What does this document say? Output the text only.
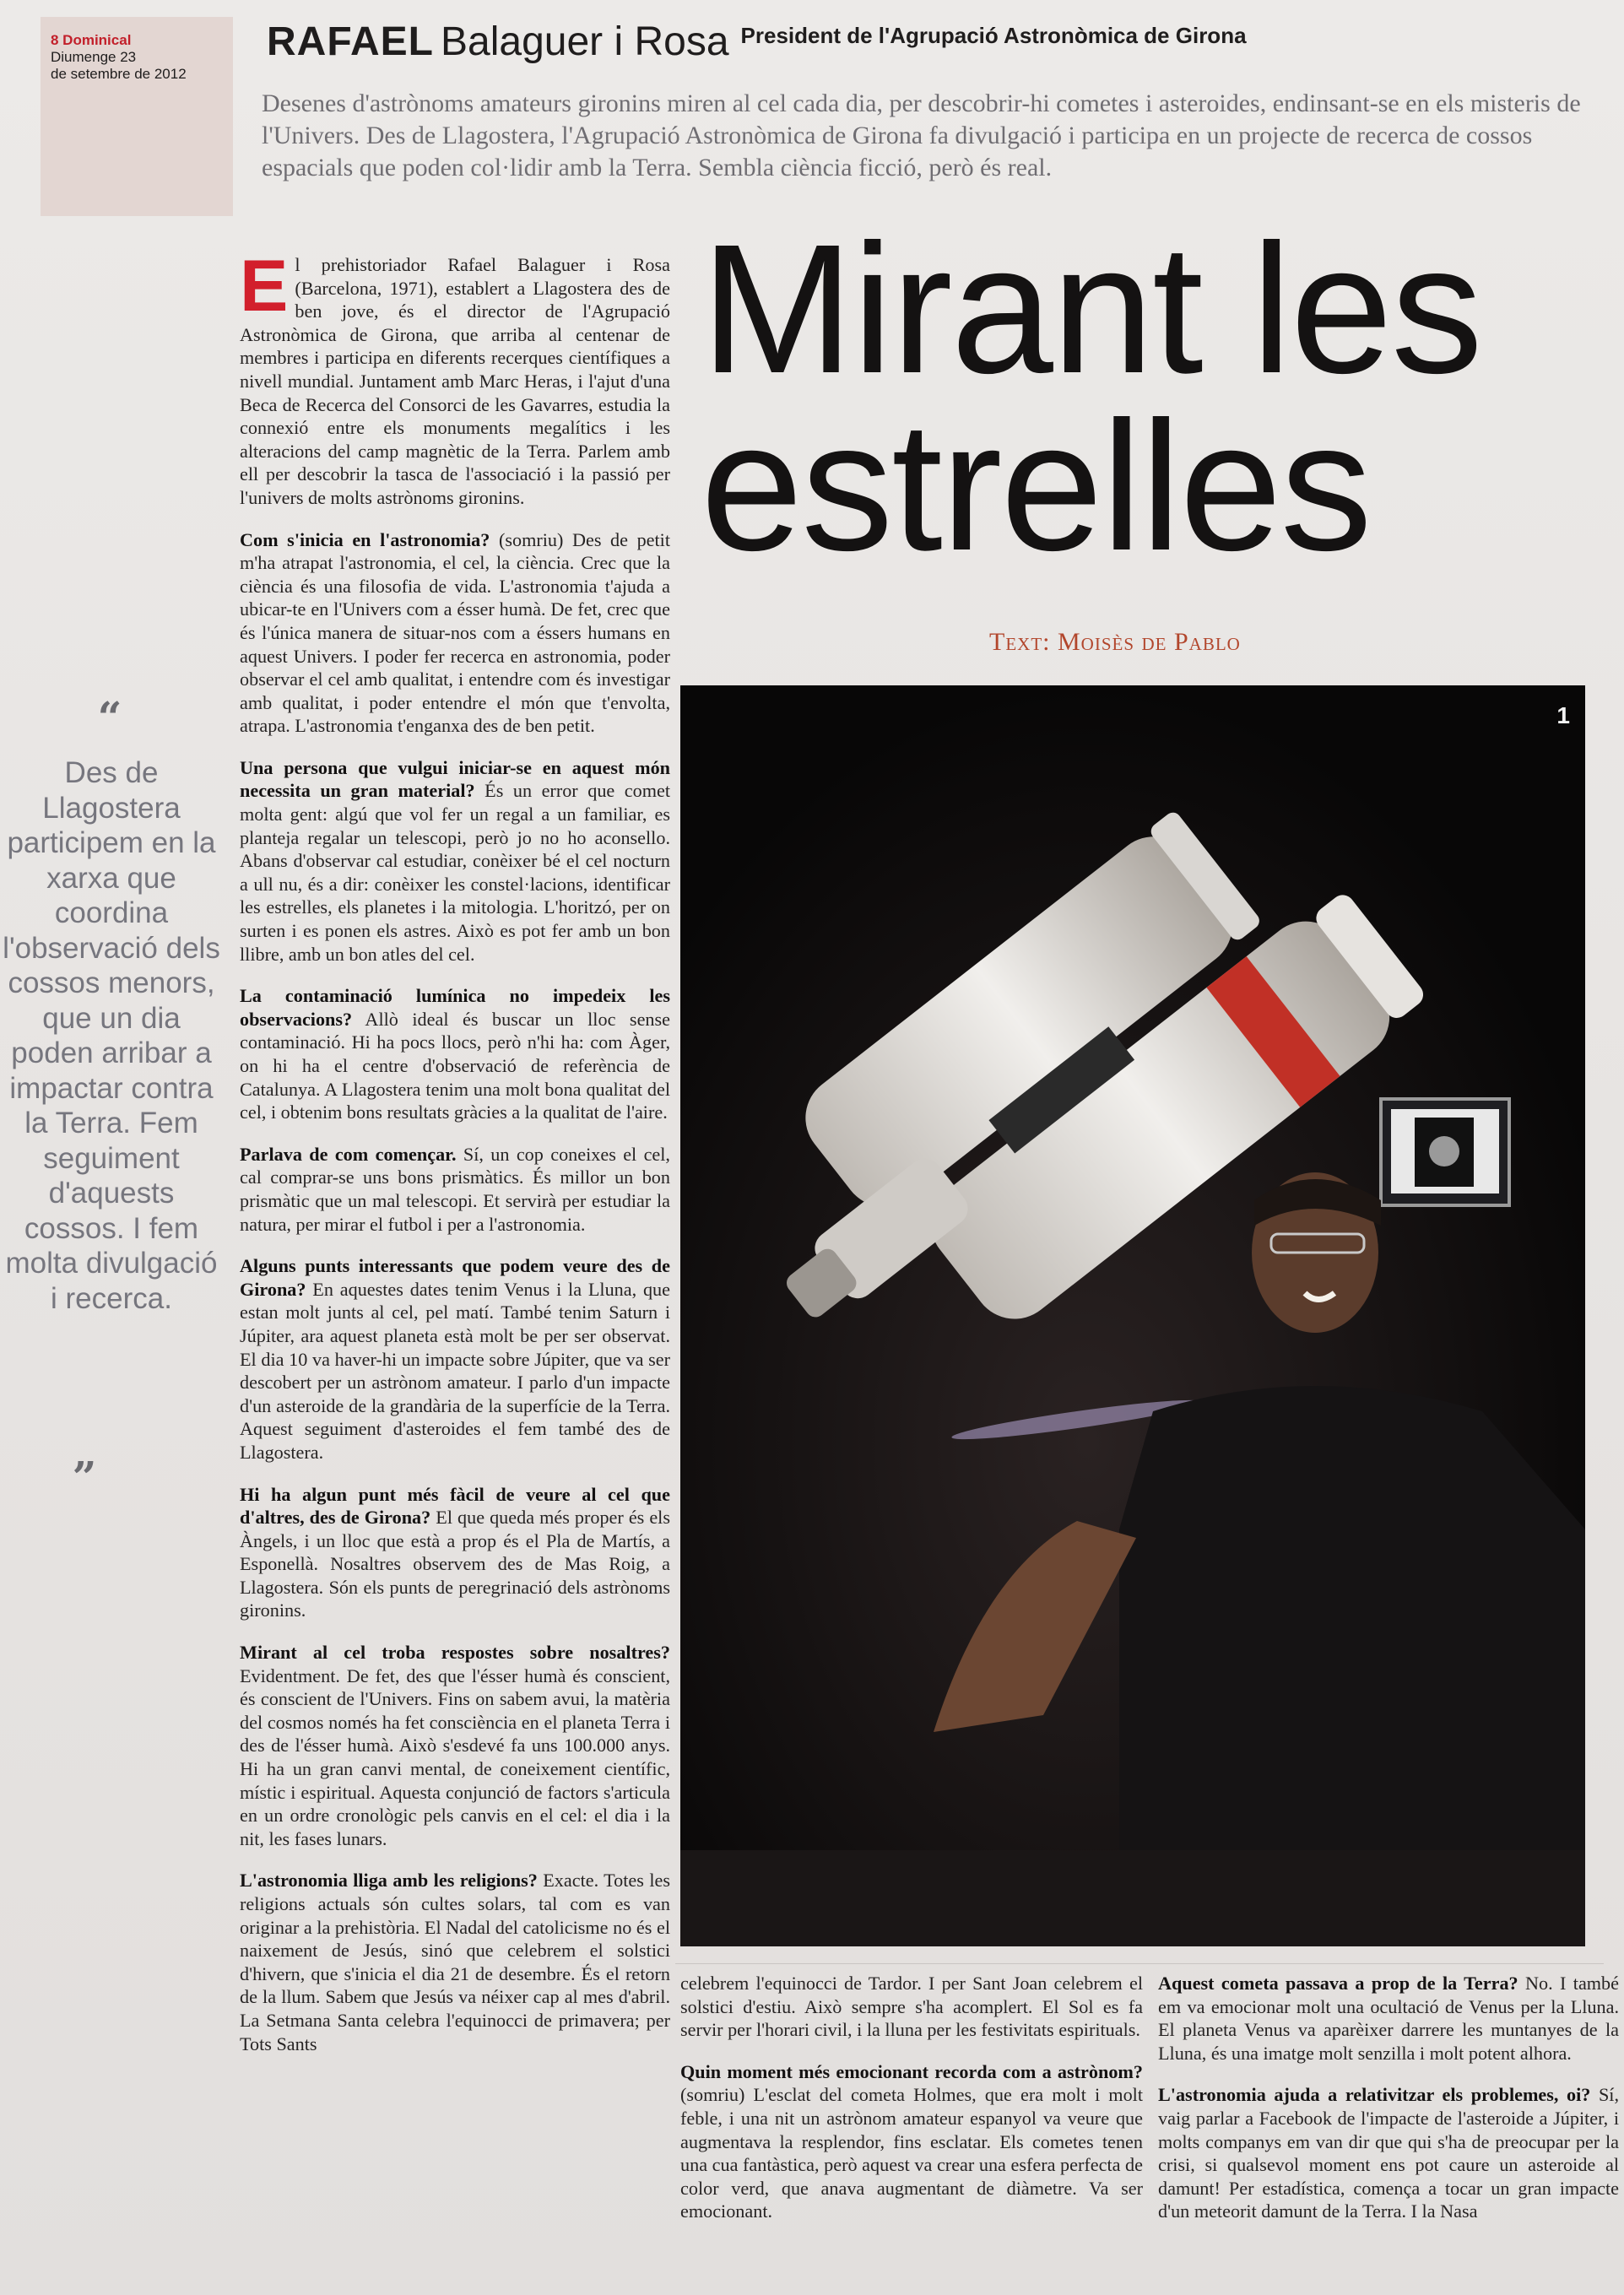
8 Dominical
Diumenge 23
de setembre de 2012
RAFAEL Balaguer i Rosa President de l'Agrupació Astronòmica de Girona
Desenes d'astrònoms amateurs gironins miren al cel cada dia, per descobrir-hi cometes i asteroides, endinsant-se en els misteris de l'Univers. Des de Llagostera, l'Agrupació Astronòmica de Girona fa divulgació i participa en un projecte de recerca de cossos espacials que poden col·lidir amb la Terra. Sembla ciència ficció, però és real.
Mirant les
estrelles
Text: Moisès de Pablo
“
Des de Llagostera participem en la xarxa que coordina l'observació dels cossos menors, que un dia poden arribar a impactar contra la Terra. Fem seguiment d'aquests cossos. I fem molta divulgació i recerca.
”

El prehistoriador Rafael Balaguer i Rosa (Barcelona, 1971), establert a Llagostera des de ben jove, és el director de l'Agrupació Astronòmica de Girona, que arriba al centenar de membres i participa en diferents recerques científiques a nivell mundial. Juntament amb Marc Heras, i l'ajut d'una Beca de Recerca del Consorci de les Gavarres, estudia la connexió entre els monuments megalítics i les alteracions del camp magnètic de la Terra. Parlem amb ell per descobrir la tasca de l'associació i la passió per l'univers de molts astrònoms gironins.

Com s'inicia en l'astronomia? (somriu) Des de petit m'ha atrapat l'astronomia, el cel, la ciència. Crec que la ciència és una filosofia de vida. L'astronomia t'ajuda a ubicar-te en l'Univers com a ésser humà. De fet, crec que és l'única manera de situar-nos com a éssers humans en aquest Univers. I poder fer recerca en astronomia, poder observar el cel amb qualitat, i entendre com és investigar amb qualitat, i poder entendre el món que t'envolta, atrapa. L'astronomia t'enganxa des de ben petit.

Una persona que vulgui iniciar-se en aquest món necessita un gran material? És un error que comet molta gent: algú que vol fer un regal a un familiar, es planteja regalar un telescopi, però jo no ho aconsello. Abans d'observar cal estudiar, conèixer bé el cel nocturn a ull nu, és a dir: conèixer les constel·lacions, identificar les estrelles, els planetes i la mitologia. L'horitzó, per on surten i es ponen els astres. Això es pot fer amb un bon llibre, amb un bon atles del cel.

La contaminació lumínica no impedeix les observacions? Allò ideal és buscar un lloc sense contaminació. Hi ha pocs llocs, però n'hi ha: com Àger, on hi ha el centre d'observació de referència de Catalunya. A Llagostera tenim una molt bona qualitat del cel, i obtenim bons resultats gràcies a la qualitat de l'aire.

Parlava de com començar. Sí, un cop coneixes el cel, cal comprar-se uns bons prismàtics. És millor un bon prismàtic que un mal telescopi. Et servirà per estudiar la natura, per mirar el futbol i per a l'astronomia.

Alguns punts interessants que podem veure des de Girona? En aquestes dates tenim Venus i la Lluna, que estan molt junts al cel, pel matí. També tenim Saturn i Júpiter, ara aquest planeta està molt be per ser observat. El dia 10 va haver-hi un impacte sobre Júpiter, que va ser descobert per un astrònom amateur. I parlo d'un impacte d'un asteroide de la grandària de la superfície de la Terra. Aquest seguiment d'asteroides el fem també des de Llagostera.

Hi ha algun punt més fàcil de veure al cel que d'altres, des de Girona? El que queda més proper és els Àngels, i un lloc que està a prop és el Pla de Martís, a Esponellà. Nosaltres observem des de Mas Roig, a Llagostera. Són els punts de peregrinació dels astrònoms gironins.

Mirant al cel troba respostes sobre nosaltres? Evidentment. De fet, des que l'ésser humà és conscient, és conscient de l'Univers. Fins on sabem avui, la matèria del cosmos només ha fet consciència en el planeta Terra i des de l'ésser humà. Això s'esdevé fa uns 100.000 anys. Hi ha un gran canvi mental, de coneixement científic, místic i espiritual. Aquesta conjunció de factors s'articula en un ordre cronològic pels canvis en el cel: el dia i la nit, les fases lunars.

L'astronomia lliga amb les religions? Exacte. Totes les religions actuals són cultes solars, tal com es van originar a la prehistòria. El Nadal del catolicisme no és el naixement de Jesús, sinó que celebrem el solstici d'hivern, que s'inicia el dia 21 de desembre. És el retorn de la llum. Sabem que Jesús va néixer cap al mes d'abril. La Setmana Santa celebra l'equinocci de primavera; per Tots Sants

1

celebrem l'equinocci de Tardor. I per Sant Joan celebrem el solstici d'estiu. Això sempre s'ha acomplert. El Sol es fa servir per l'horari civil, i la lluna per les festivitats espirituals.

Quin moment més emocionant recorda com a astrònom? (somriu) L'esclat del cometa Holmes, que era molt i molt feble, i una nit un astrònom amateur espanyol va veure que augmentava la resplendor, fins esclatar. Els cometes tenen una cua fantàstica, però aquest va crear una esfera perfecta de color verd, que anava augmentant de diàmetre. Va ser emocionant.

Aquest cometa passava a prop de la Terra? No. I també em va emocionar molt una ocultació de Venus per la Lluna. El planeta Venus va aparèixer darrere les muntanyes de la Lluna, és una imatge molt senzilla i molt potent alhora.

L'astronomia ajuda a relativitzar els problemes, oi? Sí, vaig parlar a Facebook de l'impacte de l'asteroide a Júpiter, i molts companys em van dir que qui s'ha de preocupar per la crisi, si qualsevol moment ens pot caure un asteroide al damunt! Per estadística, comença a tocar un gran impacte d'un meteorit damunt de la Terra. I la Nasa
